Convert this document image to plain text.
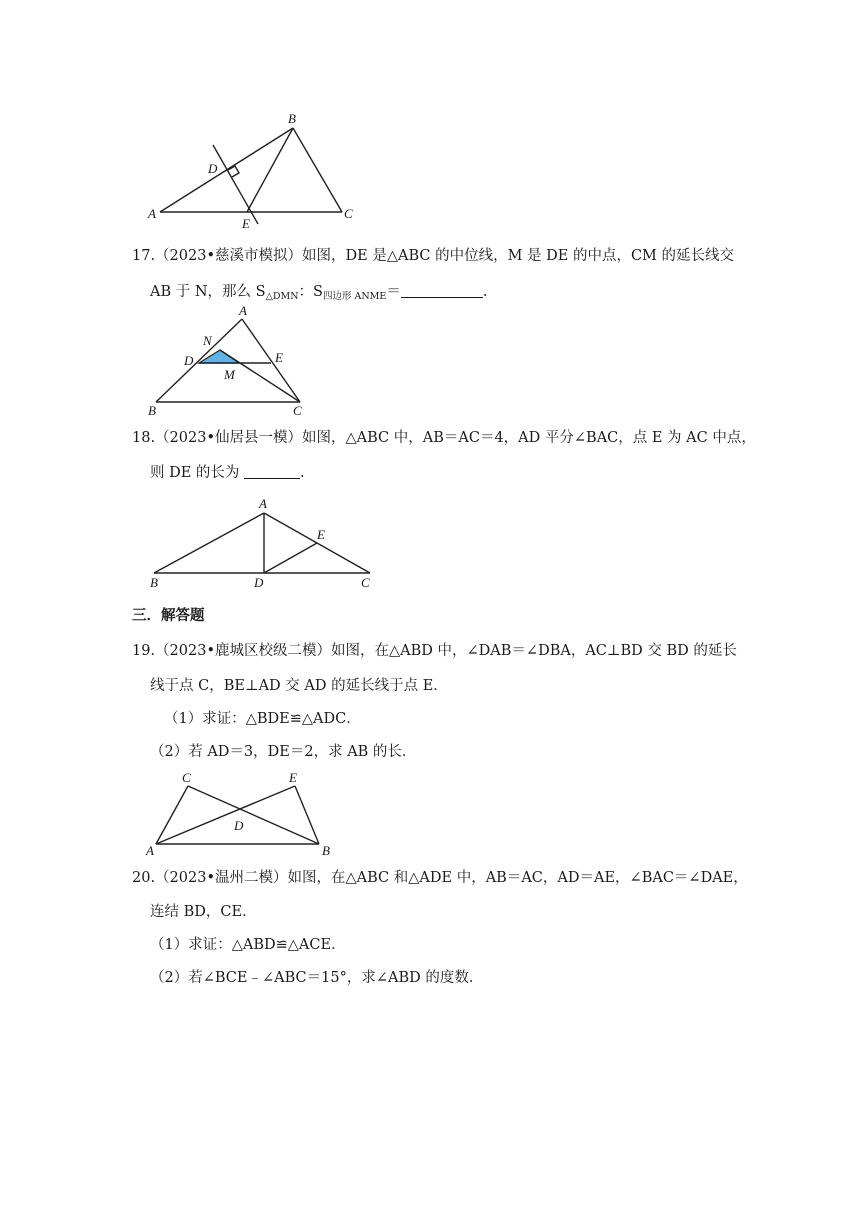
B
D
A
E
C
17.（2023•慈溪市模拟）如图，DE 是△ABC 的中位线，M 是 DE 的中点，CM 的延长线交
AB 于 N，那么 $S_{\triangle DMN}$：$S_{四边形 ANME}=$	.
A
N
D	E
M
B	C
18.（2023•仙居县一模）如图，△ABC 中，AB＝AC＝4，AD 平分∠BAC，点 E 为 AC 中点，
则 DE 的长为	.
A
E
B	D	C
三．解答题
19.（2023•鹿城区校级二模）如图，在△ABD 中，∠DAB＝∠DBA，AC⊥BD 交 BD 的延长
线于点 C，BE⊥AD 交 AD 的延长线于点 E．
（1）求证：△BDE≌△ADC．
（2）若 AD＝3，DE＝2，求 AB 的长．
C	E
D
A	B
20.（2023•温州二模）如图，在△ABC 和△ADE 中，AB＝AC，AD＝AE，∠BAC＝∠DAE，
连结 BD，CE．
（1）求证：△ABD≌△ACE．
（2）若∠BCE﹣∠ABC＝15°，求∠ABD 的度数．
